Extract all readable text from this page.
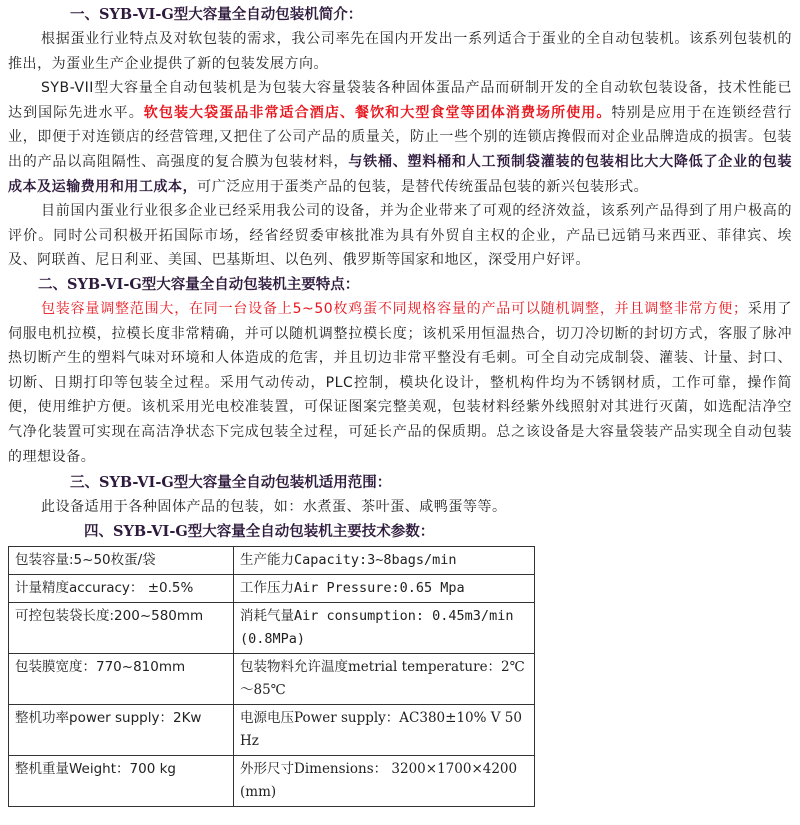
一、SYB-VI-G型大容量全自动包装机简介：

根据蛋业行业特点及对软包装的需求，我公司率先在国内开发出一系列适合于蛋业的全自动包装机。该系列包装机的推出，为蛋业生产企业提供了新的包装发展方向。

SYB-VII型大容量全自动包装机是为包装大容量袋装各种固体蛋品产品而研制开发的全自动软包装设备，技术性能已达到国际先进水平。软包装大袋蛋品非常适合酒店、餐饮和大型食堂等团体消费场所使用。特别是应用于在连锁经营行业，即便于对连锁店的经营管理,又把住了公司产品的质量关，防止一些个别的连锁店搀假而对企业品牌造成的损害。包装出的产品以高阻隔性、高强度的复合膜为包装材料，与铁桶、塑料桶和人工预制袋灌装的包装相比大大降低了企业的包装成本及运输费用和用工成本，可广泛应用于蛋类产品的包装，是替代传统蛋品包装的新兴包装形式。

目前国内蛋业行业很多企业已经采用我公司的设备，并为企业带来了可观的经济效益，该系列产品得到了用户极高的评价。同时公司积极开拓国际市场，经省经贸委审核批准为具有外贸自主权的企业，产品已远销马来西亚、菲律宾、埃及、阿联酋、尼日利亚、美国、巴基斯坦、以色列、俄罗斯等国家和地区，深受用户好评。

二、SYB-VI-G型大容量全自动包装机主要特点：

包装容量调整范围大，在同一台设备上5~50枚鸡蛋不同规格容量的产品可以随机调整，并且调整非常方便；采用了伺服电机拉模，拉模长度非常精确，并可以随机调整拉模长度；该机采用恒温热合，切刀冷切断的封切方式，客服了脉冲热切断产生的塑料气味对环境和人体造成的危害，并且切边非常平整没有毛刺。可全自动完成制袋、灌装、计量、封口、切断、日期打印等包装全过程。采用气动传动，PLC控制，模块化设计，整机构件均为不锈钢材质，工作可靠，操作简便，使用维护方便。该机采用光电校准装置，可保证图案完整美观，包装材料经紫外线照射对其进行灭菌，如选配洁净空气净化装置可实现在高洁净状态下完成包装全过程，可延长产品的保质期。总之该设备是大容量袋装产品实现全自动包装的理想设备。

三、SYB-VI-G型大容量全自动包装机适用范围：

此设备适用于各种固体产品的包装，如：水煮蛋、茶叶蛋、咸鸭蛋等等。

四、SYB-VI-G型大容量全自动包装机主要技术参数：
包装容量:5~50枚蛋/袋	生产能力Capacity:3~8bags/min
计量精度accuracy： ±0.5%	工作压力Air Pressure:0.65 Mpa
可控包装袋长度:200~580mm	消耗气量Air consumption: 0.45m3/min(0.8MPa)
包装膜宽度：770~810mm	包装物料允许温度metrial temperature：2℃～85℃
整机功率power supply：2Kw	电源电压Power supply：AC380±10% V 50Hz
整机重量Weight：700 kg	外形尺寸Dimensions： 3200×1700×4200(mm)
